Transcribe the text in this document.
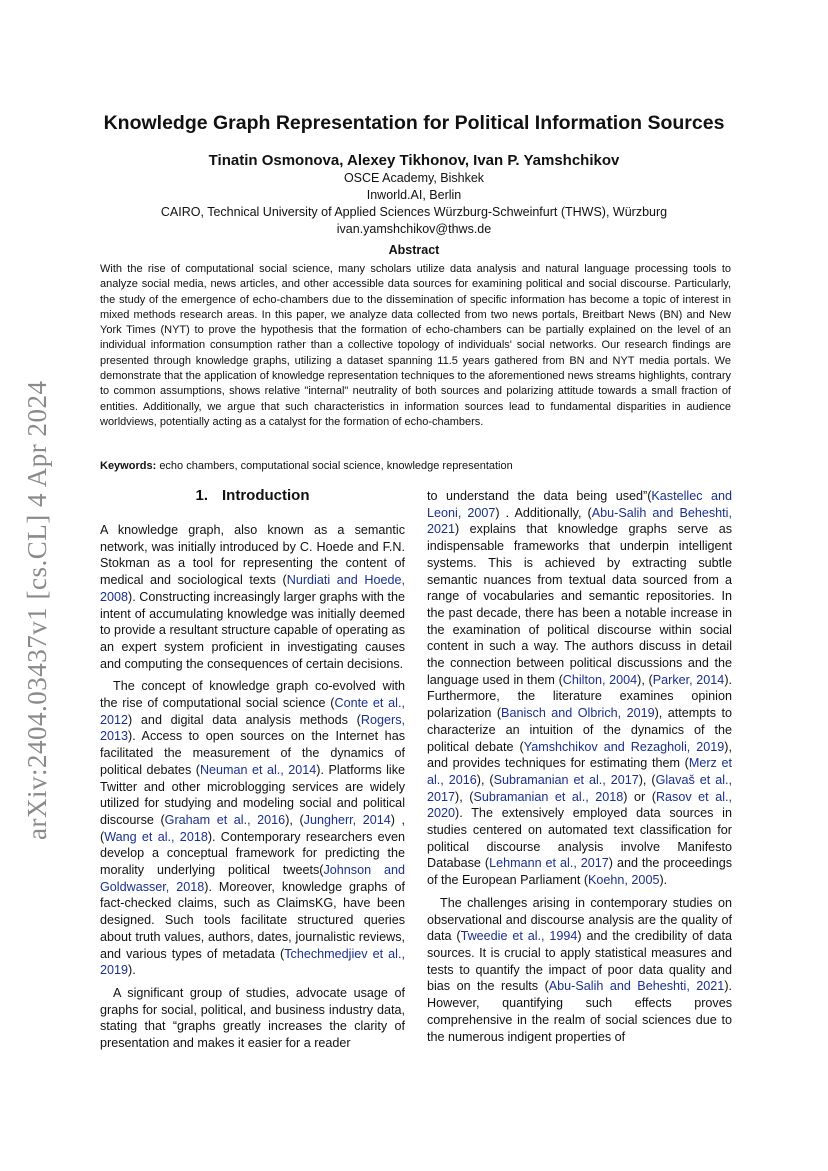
arXiv:2404.03437v1 [cs.CL] 4 Apr 2024
Knowledge Graph Representation for Political Information Sources
Tinatin Osmonova, Alexey Tikhonov, Ivan P. Yamshchikov
OSCE Academy, Bishkek
Inworld.AI, Berlin
CAIRO, Technical University of Applied Sciences Würzburg-Schweinfurt (THWS), Würzburg
ivan.yamshchikov@thws.de
Abstract
With the rise of computational social science, many scholars utilize data analysis and natural language processing tools to analyze social media, news articles, and other accessible data sources for examining political and social discourse. Particularly, the study of the emergence of echo-chambers due to the dissemination of specific information has become a topic of interest in mixed methods research areas. In this paper, we analyze data collected from two news portals, Breitbart News (BN) and New York Times (NYT) to prove the hypothesis that the formation of echo-chambers can be partially explained on the level of an individual information consumption rather than a collective topology of individuals' social networks. Our research findings are presented through knowledge graphs, utilizing a dataset spanning 11.5 years gathered from BN and NYT media portals. We demonstrate that the application of knowledge representation techniques to the aforementioned news streams highlights, contrary to common assumptions, shows relative "internal" neutrality of both sources and polarizing attitude towards a small fraction of entities. Additionally, we argue that such characteristics in information sources lead to fundamental disparities in audience worldviews, potentially acting as a catalyst for the formation of echo-chambers.
Keywords: echo chambers, computational social science, knowledge representation
1. Introduction

A knowledge graph, also known as a semantic network, was initially introduced by C. Hoede and F.N. Stokman as a tool for representing the content of medical and sociological texts (Nurdiati and Hoede, 2008). Constructing increasingly larger graphs with the intent of accumulating knowledge was initially deemed to provide a resultant structure capable of operating as an expert system proficient in investigating causes and computing the consequences of certain decisions.

The concept of knowledge graph co-evolved with the rise of computational social science (Conte et al., 2012) and digital data analysis methods (Rogers, 2013). Access to open sources on the Internet has facilitated the measurement of the dynamics of political debates (Neuman et al., 2014). Platforms like Twitter and other microblogging services are widely utilized for studying and modeling social and political discourse (Graham et al., 2016), (Jungherr, 2014) , (Wang et al., 2018). Contemporary researchers even develop a conceptual framework for predicting the morality underlying political tweets(Johnson and Goldwasser, 2018). Moreover, knowledge graphs of fact-checked claims, such as ClaimsKG, have been designed. Such tools facilitate structured queries about truth values, authors, dates, journalistic reviews, and various types of metadata (Tchechmedjiev et al., 2019).

A significant group of studies, advocate usage of graphs for social, political, and business industry data, stating that “graphs greatly increases the clarity of presentation and makes it easier for a reader

to understand the data being used”(Kastellec and Leoni, 2007) . Additionally, (Abu-Salih and Beheshti, 2021) explains that knowledge graphs serve as indispensable frameworks that underpin intelligent systems. This is achieved by extracting subtle semantic nuances from textual data sourced from a range of vocabularies and semantic repositories. In the past decade, there has been a notable increase in the examination of political discourse within social content in such a way. The authors discuss in detail the connection between political discussions and the language used in them (Chilton, 2004), (Parker, 2014). Furthermore, the literature examines opinion polarization (Banisch and Olbrich, 2019), attempts to characterize an intuition of the dynamics of the political debate (Yamshchikov and Rezagholi, 2019), and provides techniques for estimating them (Merz et al., 2016), (Subramanian et al., 2017), (Glavaš et al., 2017), (Subramanian et al., 2018) or (Rasov et al., 2020). The extensively employed data sources in studies centered on automated text classification for political discourse analysis involve Manifesto Database (Lehmann et al., 2017) and the proceedings of the European Parliament (Koehn, 2005).

The challenges arising in contemporary studies on observational and discourse analysis are the quality of data (Tweedie et al., 1994) and the credibility of data sources. It is crucial to apply statistical measures and tests to quantify the impact of poor data quality and bias on the results (Abu-Salih and Beheshti, 2021). However, quantifying such effects proves comprehensive in the realm of social sciences due to the numerous indigent properties of
